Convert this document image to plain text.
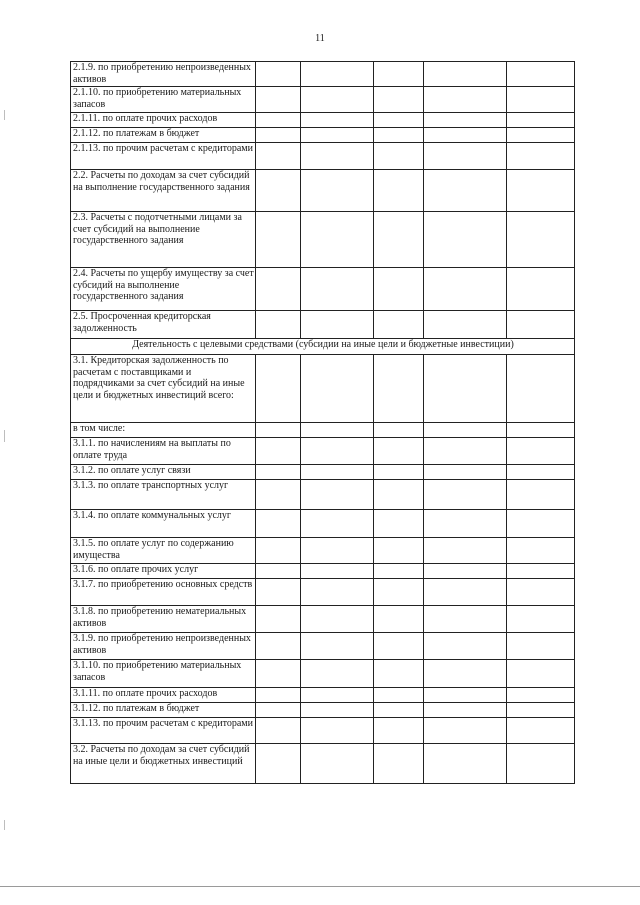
11
2.1.9. по приобретению непроизведенных активов					
2.1.10. по приобретению материальных запасов					
2.1.11. по оплате прочих расходов					
2.1.12. по платежам в бюджет					
2.1.13. по прочим расчетам с кредиторами					
2.2. Расчеты по доходам за счет субсидий на выполнение государственного задания					
2.3. Расчеты с подотчетными лицами за счет субсидий на выполнение государственного задания					
2.4. Расчеты по ущербу имуществу за счет субсидий на выполнение государственного задания					
2.5. Просроченная кредиторская задолженность					
Деятельность с целевыми средствами (субсидии на иные цели и бюджетные инвестиции)					
3.1. Кредиторская задолженность по расчетам с поставщиками и подрядчиками за счет субсидий на иные цели и бюджетных инвестиций всего:					
в том числе:					
3.1.1. по начислениям на выплаты по оплате труда					
3.1.2. по оплате услуг связи					
3.1.3. по оплате транспортных услуг					
3.1.4. по оплате коммунальных услуг					
3.1.5. по оплате услуг по содержанию имущества					
3.1.6. по оплате прочих услуг					
3.1.7. по приобретению основных средств					
3.1.8. по приобретению нематериальных активов					
3.1.9. по приобретению непроизведенных активов					
3.1.10. по приобретению материальных запасов					
3.1.11. по оплате прочих расходов					
3.1.12. по платежам в бюджет					
3.1.13. по прочим расчетам с кредиторами					
3.2. Расчеты по доходам за счет субсидий на иные цели и бюджетных инвестиций					
